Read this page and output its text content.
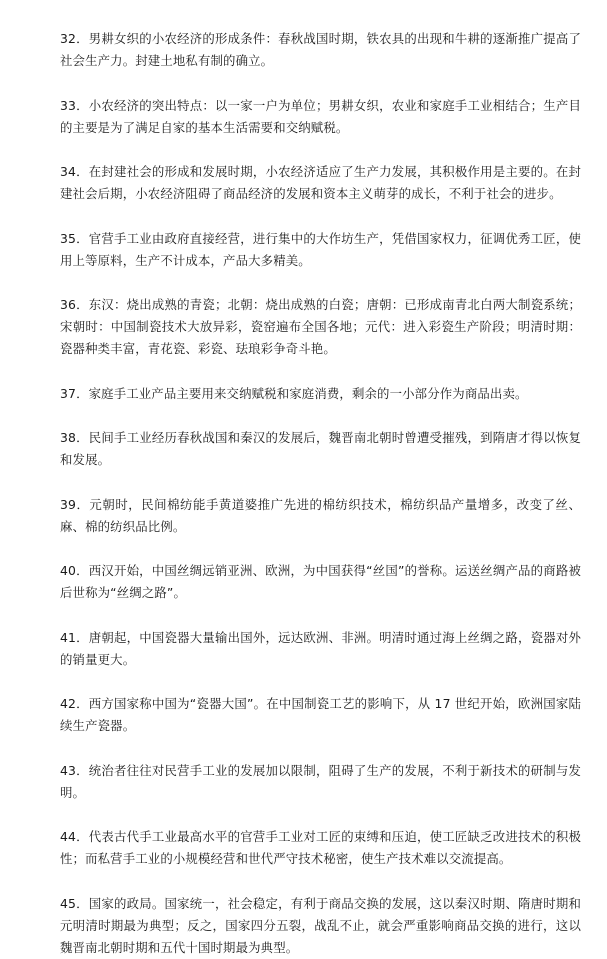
32．男耕女织的小农经济的形成条件：春秋战国时期，铁农具的出现和牛耕的逐渐推广提高了社会生产力。封建土地私有制的确立。

33．小农经济的突出特点：以一家一户为单位；男耕女织，农业和家庭手工业相结合；生产目的主要是为了满足自家的基本生活需要和交纳赋税。

34．在封建社会的形成和发展时期，小农经济适应了生产力发展，其积极作用是主要的。在封建社会后期，小农经济阻碍了商品经济的发展和资本主义萌芽的成长，不利于社会的进步。

35．官营手工业由政府直接经营，进行集中的大作坊生产，凭借国家权力，征调优秀工匠，使用上等原料，生产不计成本，产品大多精美。

36．东汉：烧出成熟的青瓷；北朝：烧出成熟的白瓷；唐朝：已形成南青北白两大制瓷系统；宋朝时：中国制瓷技术大放异彩，瓷窑遍布全国各地；元代：进入彩瓷生产阶段；明清时期：瓷器种类丰富，青花瓷、彩瓷、珐琅彩争奇斗艳。

37．家庭手工业产品主要用来交纳赋税和家庭消费，剩余的一小部分作为商品出卖。

38．民间手工业经历春秋战国和秦汉的发展后，魏晋南北朝时曾遭受摧残，到隋唐才得以恢复和发展。

39．元朝时，民间棉纺能手黄道婆推广先进的棉纺织技术，棉纺织品产量增多，改变了丝、麻、棉的纺织品比例。

40．西汉开始，中国丝绸远销亚洲、欧洲，为中国获得“丝国”的誉称。运送丝绸产品的商路被后世称为“丝绸之路”。

41．唐朝起，中国瓷器大量输出国外，远达欧洲、非洲。明清时通过海上丝绸之路，瓷器对外的销量更大。

42．西方国家称中国为“瓷器大国”。在中国制瓷工艺的影响下，从 17 世纪开始，欧洲国家陆续生产瓷器。

43．统治者往往对民营手工业的发展加以限制，阻碍了生产的发展，不利于新技术的研制与发明。

44．代表古代手工业最高水平的官营手工业对工匠的束缚和压迫，使工匠缺乏改进技术的积极性；而私营手工业的小规模经营和世代严守技术秘密，使生产技术难以交流提高。

45．国家的政局。国家统一，社会稳定，有利于商品交换的发展，这以秦汉时期、隋唐时期和元明清时期最为典型；反之，国家四分五裂，战乱不止，就会严重影响商品交换的进行，这以魏晋南北朝时期和五代十国时期最为典型。
